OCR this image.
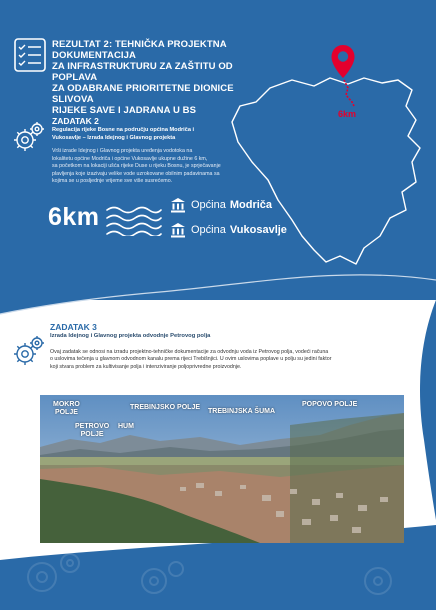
6km
REZULTAT 2: TEHNIČKA PROJEKTNA DOKUMENTACIJA
ZA INFRASTRUKTURU ZA ZAŠTITU OD POPLAVA
ZA ODABRANE PRIORITETNE DIONICE SLIVOVA
RIJEKE SAVE I JADRANA U BS
ZADATAK 2
Regulacija rijeke Bosne na području općina Modriča i
Vukosavlje – Izrada Idejnog i Glavnog projekta
Vrši izrade Idejnog i Glavnog projekta uređenja vodotoka na
lokalitetu općine Modriča i općine Vukosavlje ukupne dužine 6 km,
sa početkom na lokaciji ušća rijeke Duse u rijeku Bosnu, je sprječavanje
plavljenja koje izazivaju velike vode uzrokovane obilnim padavinama sa
kojima se u posljednje vrijeme sve više susrećemo.
6km	Općina Modriča
Općina Vukosavlje
ZADATAK 3
Izrada Idejnog i Glavnog projekta odvodnje Petrovog polja
Ovaj zadatak se odnosi na izradu projektno-tehničke dokumentacije za odvodnju voda iz Petrovog polja, vodeći računa
o uslovima tečenja u glavnom odvodnom kanalu prema rijeci Trebišnjici. U ovim uslovima poplave u polju su jedini faktor
koji stvara problem za kultivisanje polja i intenziviranje poljoprivredne proizvodnje.
MOKRO
POLJE
PETROVO
POLJE
HUM
TREBINJSKO POLJE
TREBINJSKA ŠUMA
POPOVO POLJE
